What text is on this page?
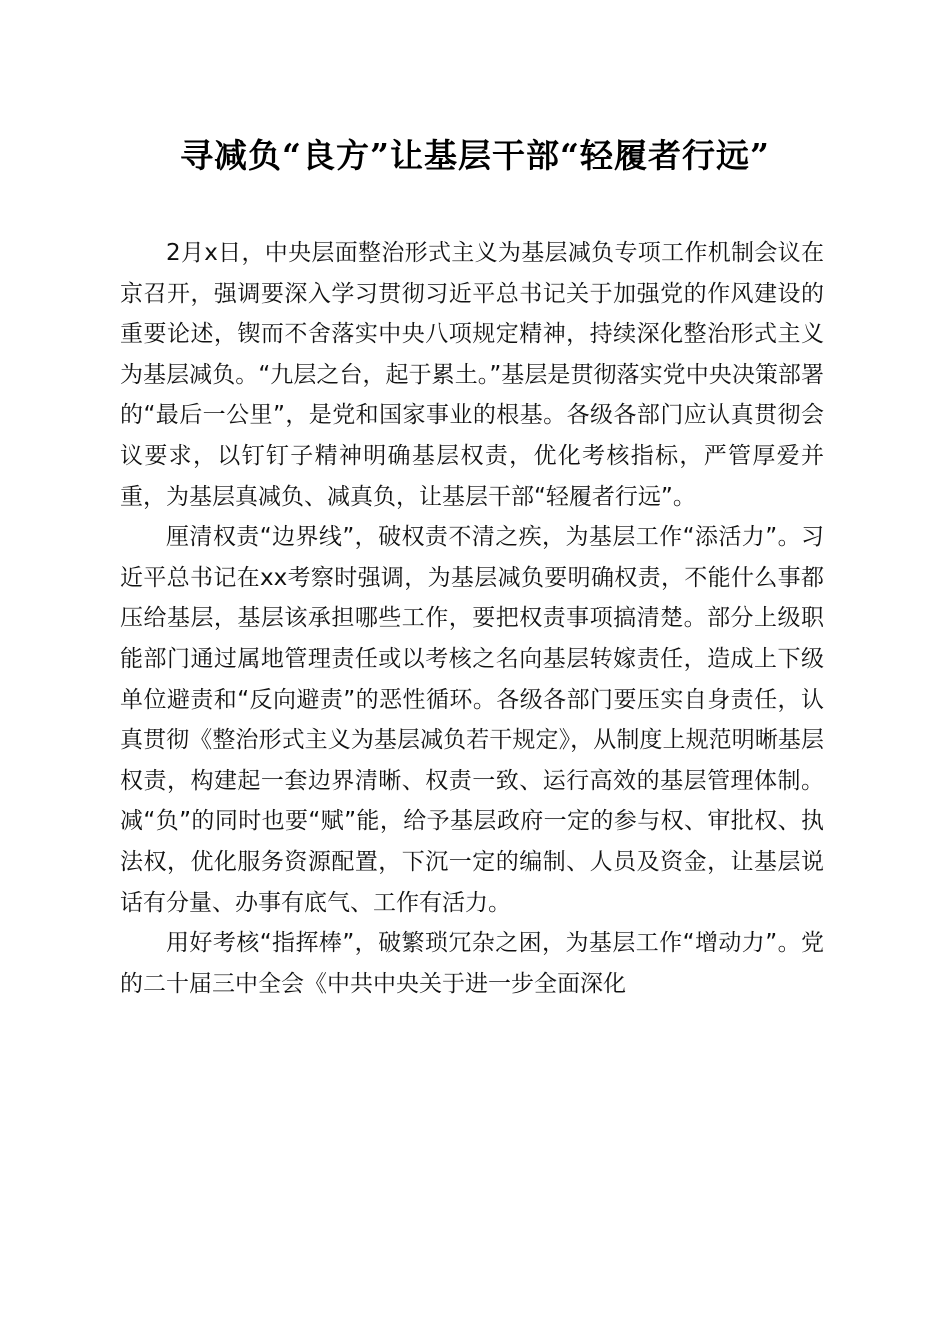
寻减负“良方”让基层干部“轻履者行远”

2月x日，中央层面整治形式主义为基层减负专项工作机制会议在京召开，强调要深入学习贯彻习近平总书记关于加强党的作风建设的重要论述，锲而不舍落实中央八项规定精神，持续深化整治形式主义为基层减负。“九层之台，起于累土。”基层是贯彻落实党中央决策部署的“最后一公里”，是党和国家事业的根基。各级各部门应认真贯彻会议要求，以钉钉子精神明确基层权责，优化考核指标，严管厚爱并重，为基层真减负、减真负，让基层干部“轻履者行远”。

厘清权责“边界线”，破权责不清之疾，为基层工作“添活力”。习近平总书记在xx考察时强调，为基层减负要明确权责，不能什么事都压给基层，基层该承担哪些工作，要把权责事项搞清楚。部分上级职能部门通过属地管理责任或以考核之名向基层转嫁责任，造成上下级单位避责和“反向避责”的恶性循环。各级各部门要压实自身责任，认真贯彻《整治形式主义为基层减负若干规定》，从制度上规范明晰基层权责，构建起一套边界清晰、权责一致、运行高效的基层管理体制。减“负”的同时也要“赋”能，给予基层政府一定的参与权、审批权、执法权，优化服务资源配置，下沉一定的编制、人员及资金，让基层说话有分量、办事有底气、工作有活力。

用好考核“指挥棒”，破繁琐冗杂之困，为基层工作“增动力”。党的二十届三中全会《中共中央关于进一步全面深化
